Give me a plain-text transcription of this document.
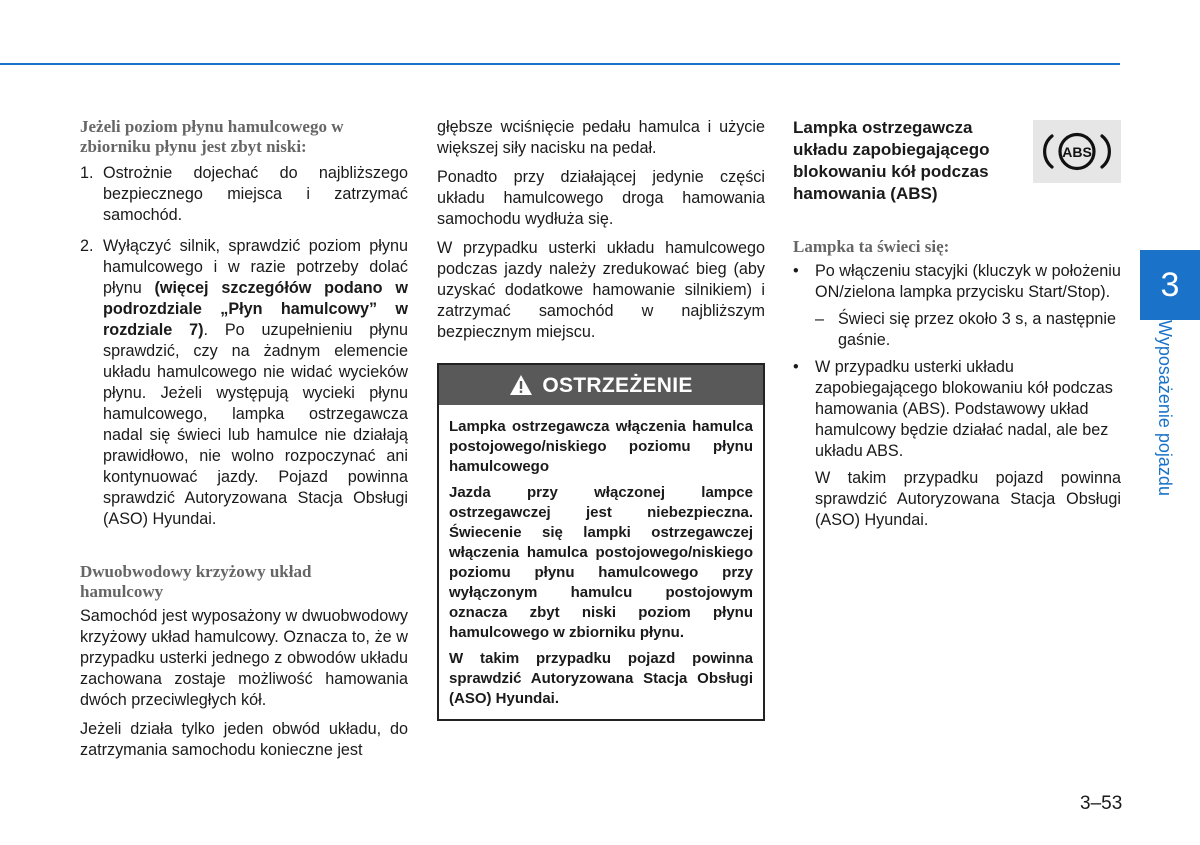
Jeżeli poziom płynu hamulcowego w zbiorniku płynu jest zbyt niski:

1. Ostrożnie dojechać do najbliższego bezpiecznego miejsca i zatrzymać samochód.
2. Wyłączyć silnik, sprawdzić poziom płynu hamulcowego i w razie potrzeby dolać płynu (więcej szczegółów podano w podrozdziale „Płyn hamulcowy” w rozdziale 7). Po uzupełnieniu płynu sprawdzić, czy na żadnym elemencie układu hamulcowego nie widać wycieków płynu. Jeżeli występują wycieki płynu hamulcowego, lampka ostrzegawcza nadal się świeci lub hamulce nie działają prawidłowo, nie wolno rozpoczynać ani kontynuować jazdy. Pojazd powinna sprawdzić Autoryzowana Stacja Obsługi (ASO) Hyundai.

Dwuobwodowy krzyżowy układ hamulcowy

Samochód jest wyposażony w dwuobwodowy krzyżowy układ hamulcowy. Oznacza to, że w przypadku usterki jednego z obwodów układu zachowana zostaje możliwość hamowania dwóch przeciwległych kół.

Jeżeli działa tylko jeden obwód układu, do zatrzymania samochodu konieczne jest

głębsze wciśnięcie pedału hamulca i użycie większej siły nacisku na pedał.

Ponadto przy działającej jedynie części układu hamulcowego droga hamowania samochodu wydłuża się.

W przypadku usterki układu hamulcowego podczas jazdy należy zredukować bieg (aby uzyskać dodatkowe hamowanie silnikiem) i zatrzymać samochód w najbliższym bezpiecznym miejscu.

OSTRZEŻENIE

Lampka ostrzegawcza włączenia hamulca postojowego/niskiego poziomu płynu hamulcowego

Jazda przy włączonej lampce ostrzegawczej jest niebezpieczna. Świecenie się lampki ostrzegawczej włączenia hamulca postojowego/niskiego poziomu płynu hamulcowego przy wyłączonym hamulcu postojowym oznacza zbyt niski poziom płynu hamulcowego w zbiorniku płynu.

W takim przypadku pojazd powinna sprawdzić Autoryzowana Stacja Obsługi (ASO) Hyundai.

ABS

Lampka ostrzegawcza układu zapobiegającego blokowaniu kół podczas hamowania (ABS)

Lampka ta świeci się:

• Po włączeniu stacyjki (kluczyk w położeniu ON/zielona lampka przycisku Start/Stop).
– Świeci się przez około 3 s, a następnie gaśnie.
• W przypadku usterki układu zapobiegającego blokowaniu kół podczas hamowania (ABS). Podstawowy układ hamulcowy będzie działać nadal, ale bez układu ABS.

W takim przypadku pojazd powinna sprawdzić Autoryzowana Stacja Obsługi (ASO) Hyundai.

3
Wyposażenie pojazdu
3–53
